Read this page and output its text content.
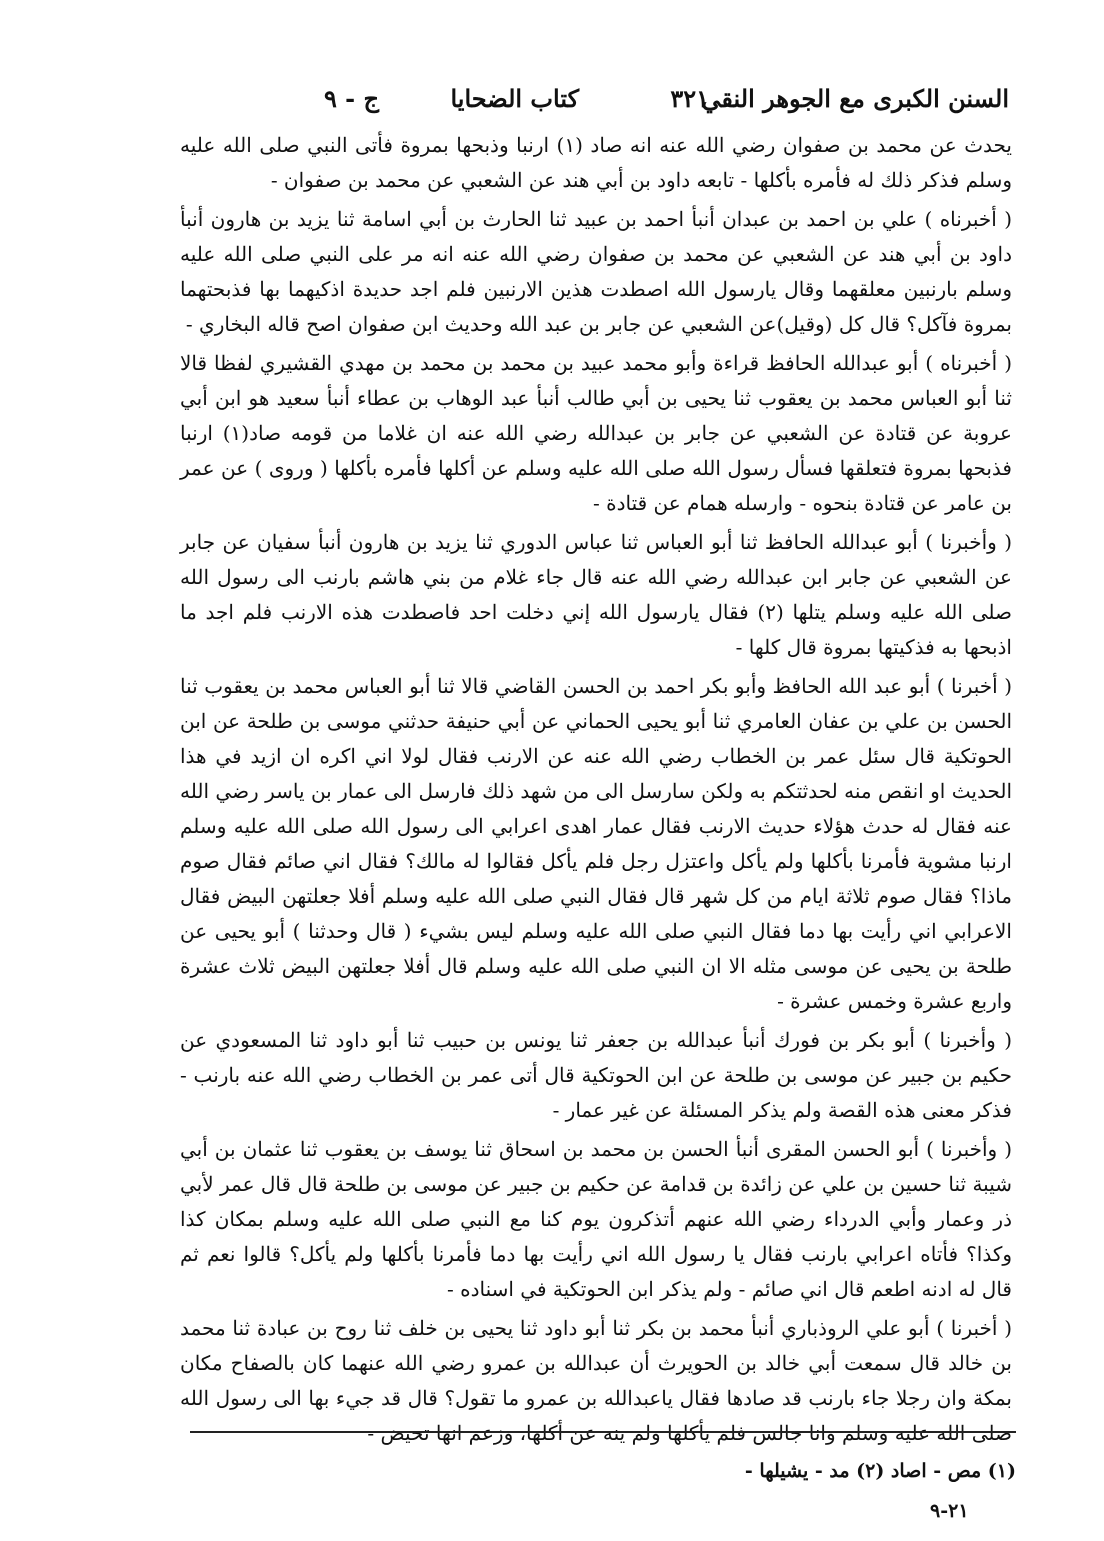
السنن الكبرى مع الجوهر النقي
٣٢١
كتاب الضحايا
ج - ٩

يحدث عن محمد بن صفوان رضي الله عنه انه صاد (١) ارنبا وذبحها بمروة فأتى النبي صلى الله عليه وسلم فذكر ذلك له فأمره بأكلها - تابعه داود بن أبي هند عن الشعبي عن محمد بن صفوان -

( أخبرناه ) علي بن احمد بن عبدان أنبأ احمد بن عبيد ثنا الحارث بن أبي اسامة ثنا يزيد بن هارون أنبأ داود بن أبي هند عن الشعبي عن محمد بن صفوان رضي الله عنه انه مر على النبي صلى الله عليه وسلم بارنبين معلقهما وقال يارسول الله اصطدت هذين الارنبين فلم اجد حديدة اذكيهما بها فذبحتهما بمروة فآكل؟ قال كل (وقيل)عن الشعبي عن جابر بن عبد الله وحديث ابن صفوان اصح قاله البخاري -

( أخبرناه ) أبو عبدالله الحافظ قراءة وأبو محمد عبيد بن محمد بن محمد بن مهدي القشيري لفظا قالا ثنا أبو العباس محمد بن يعقوب ثنا يحيى بن أبي طالب أنبأ عبد الوهاب بن عطاء أنبأ سعيد هو ابن أبي عروبة عن قتادة عن الشعبي عن جابر بن عبدالله رضي الله عنه ان غلاما من قومه صاد(١) ارنبا فذبحها بمروة فتعلقها فسأل رسول الله صلى الله عليه وسلم عن أكلها فأمره بأكلها ( وروى ) عن عمر بن عامر عن قتادة بنحوه - وارسله همام عن قتادة -

( وأخبرنا ) أبو عبدالله الحافظ ثنا أبو العباس ثنا عباس الدوري ثنا يزيد بن هارون أنبأ سفيان عن جابر عن الشعبي عن جابر ابن عبدالله رضي الله عنه قال جاء غلام من بني هاشم بارنب الى رسول الله صلى الله عليه وسلم يتلها (٢) فقال يارسول الله إني دخلت احد فاصطدت هذه الارنب فلم اجد ما اذبحها به فذكيتها بمروة قال كلها -

( أخبرنا ) أبو عبد الله الحافظ وأبو بكر احمد بن الحسن القاضي قالا ثنا أبو العباس محمد بن يعقوب ثنا الحسن بن علي بن عفان العامري ثنا أبو يحيى الحماني عن أبي حنيفة حدثني موسى بن طلحة عن ابن الحوتكية قال سئل عمر بن الخطاب رضي الله عنه عن الارنب فقال لولا اني اكره ان ازيد في هذا الحديث او انقص منه لحدثتكم به ولكن سارسل الى من شهد ذلك فارسل الى عمار بن ياسر رضي الله عنه فقال له حدث هؤلاء حديث الارنب فقال عمار اهدى اعرابي الى رسول الله صلى الله عليه وسلم ارنبا مشوية فأمرنا بأكلها ولم يأكل واعتزل رجل فلم يأكل فقالوا له مالك؟ فقال اني صائم فقال صوم ماذا؟ فقال صوم ثلاثة ايام من كل شهر قال فقال النبي صلى الله عليه وسلم أفلا جعلتهن البيض فقال الاعرابي اني رأيت بها دما فقال النبي صلى الله عليه وسلم ليس بشيء ( قال وحدثنا ) أبو يحيى عن طلحة بن يحيى عن موسى مثله الا ان النبي صلى الله عليه وسلم قال أفلا جعلتهن البيض ثلاث عشرة واربع عشرة وخمس عشرة -

( وأخبرنا ) أبو بكر بن فورك أنبأ عبدالله بن جعفر ثنا يونس بن حبيب ثنا أبو داود ثنا المسعودي عن حكيم بن جبير عن موسى بن طلحة عن ابن الحوتكية قال أتى عمر بن الخطاب رضي الله عنه بارنب - فذكر معنى هذه القصة ولم يذكر المسئلة عن غير عمار -

( وأخبرنا ) أبو الحسن المقرى أنبأ الحسن بن محمد بن اسحاق ثنا يوسف بن يعقوب ثنا عثمان بن أبي شيبة ثنا حسين بن علي عن زائدة بن قدامة عن حكيم بن جبير عن موسى بن طلحة قال قال عمر لأبي ذر وعمار وأبي الدرداء رضي الله عنهم أتذكرون يوم كنا مع النبي صلى الله عليه وسلم بمكان كذا وكذا؟ فأتاه اعرابي بارنب فقال يا رسول الله اني رأيت بها دما فأمرنا بأكلها ولم يأكل؟ قالوا نعم ثم قال له ادنه اطعم قال اني صائم - ولم يذكر ابن الحوتكية في اسناده -

( أخبرنا ) أبو علي الروذباري أنبأ محمد بن بكر ثنا أبو داود ثنا يحيى بن خلف ثنا روح بن عبادة ثنا محمد بن خالد قال سمعت أبي خالد بن الحويرث أن عبدالله بن عمرو رضي الله عنهما كان بالصفاح مكان بمكة وان رجلا جاء بارنب قد صادها فقال ياعبدالله بن عمرو ما تقول؟ قال قد جيء بها الى رسول الله صلى الله عليه وسلم وانا جالس فلم يأكلها ولم ينه عن أكلها، وزعم انها تحيض -

(١) مص - اصاد (٢) مد - يشيلها -
٢١-٩
